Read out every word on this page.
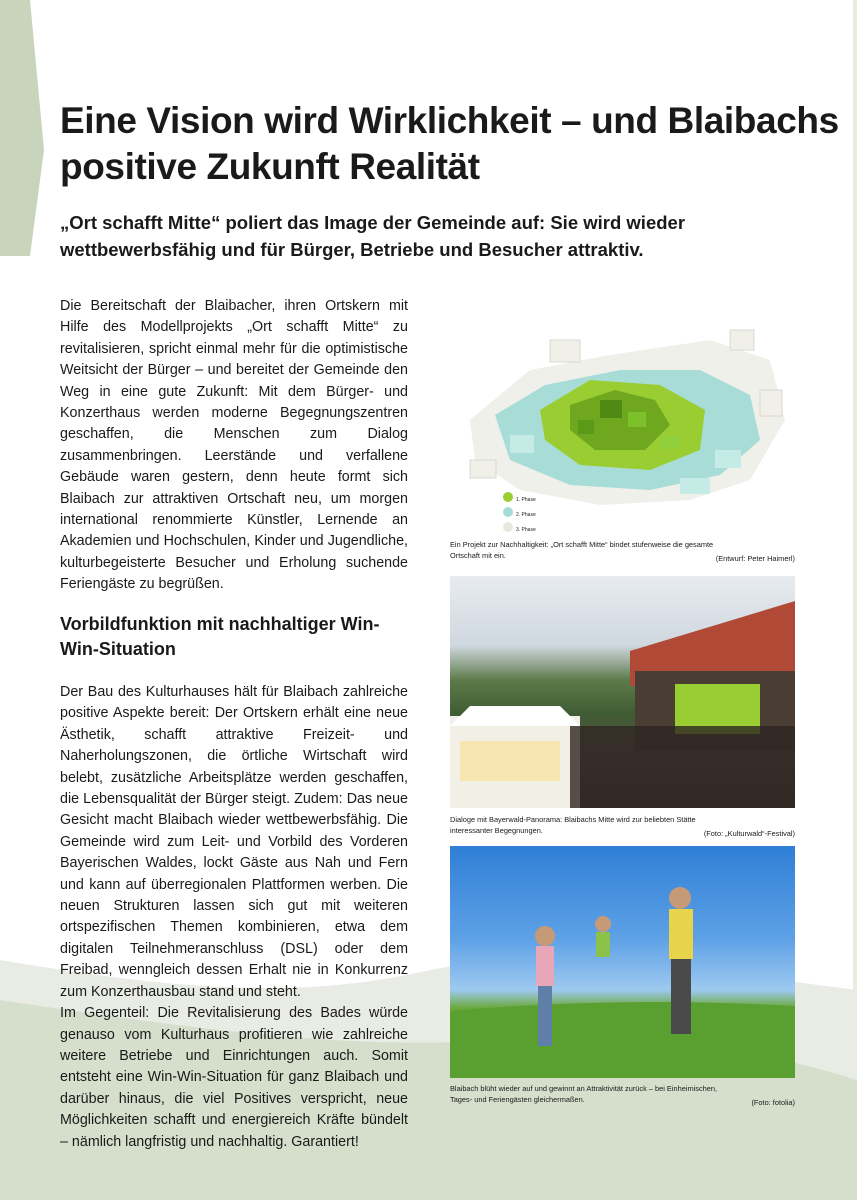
Eine Vision wird Wirklichkeit – und Blaibachs positive Zukunft Realität

„Ort schafft Mitte“ poliert das Image der Gemeinde auf: Sie wird wieder wettbewerbsfähig und für Bürger, Betriebe und Besucher attraktiv.

Die Bereitschaft der Blaibacher, ihren Ortskern mit Hilfe des Modellprojekts „Ort schafft Mitte“ zu revitalisieren, spricht einmal mehr für die optimistische Weitsicht der Bürger – und bereitet der Gemeinde den Weg in eine gute Zukunft: Mit dem Bürger- und Konzerthaus werden moderne Begegnungszentren geschaffen, die Menschen zum Dialog zusammenbringen. Leerstände und verfallene Gebäude waren gestern, denn heute formt sich Blaibach zur attraktiven Ortschaft neu, um morgen international renommierte Künstler, Lernende an Akademien und Hochschulen, Kinder und Jugendliche, kulturbegeisterte Besucher und Erholung suchende Feriengäste zu begrüßen.

Vorbildfunktion mit nachhaltiger Win-Win-Situation

Der Bau des Kulturhauses hält für Blaibach zahlreiche positive Aspekte bereit: Der Ortskern erhält eine neue Ästhetik, schafft attraktive Freizeit- und Naherholungszonen, die örtliche Wirtschaft wird belebt, zusätzliche Arbeitsplätze werden geschaffen, die Lebensqualität der Bürger steigt. Zudem: Das neue Gesicht macht Blaibach wieder wettbewerbsfähig. Die Gemeinde wird zum Leit- und Vorbild des Vorderen Bayerischen Waldes, lockt Gäste aus Nah und Fern und kann auf überregionalen Plattformen werben. Die neuen Strukturen lassen sich gut mit weiteren ortspezifischen Themen kombinieren, etwa dem digitalen Teilnehmeranschluss (DSL) oder dem Freibad, wenngleich dessen Erhalt nie in Konkurrenz zum Konzerthausbau stand und steht.

Im Gegenteil: Die Revitalisierung des Bades würde genauso vom Kulturhaus profitieren wie zahlreiche weitere Betriebe und Einrichtungen auch. Somit entsteht eine Win-Win-Situation für ganz Blaibach und darüber hinaus, die viel Positives verspricht, neue Möglichkeiten schafft und energiereich Kräfte bündelt – nämlich langfristig und nachhaltig. Garantiert!

1. Phase
2. Phase
3. Phase
Ein Projekt zur Nachhaltigkeit: „Ort schafft Mitte“ bindet stufenweise die gesamte Ortschaft mit ein.	(Entwurf: Peter Haimerl)
Dialoge mit Bayerwald-Panorama: Blaibachs Mitte wird zur beliebten Stätte interessanter Begegnungen.	(Foto: „Kulturwald“-Festival)
Blaibach blüht wieder auf und gewinnt an Attraktivität zurück – bei Einheimischen, Tages- und Feriengästen gleichermaßen.	(Foto: fotolia)
